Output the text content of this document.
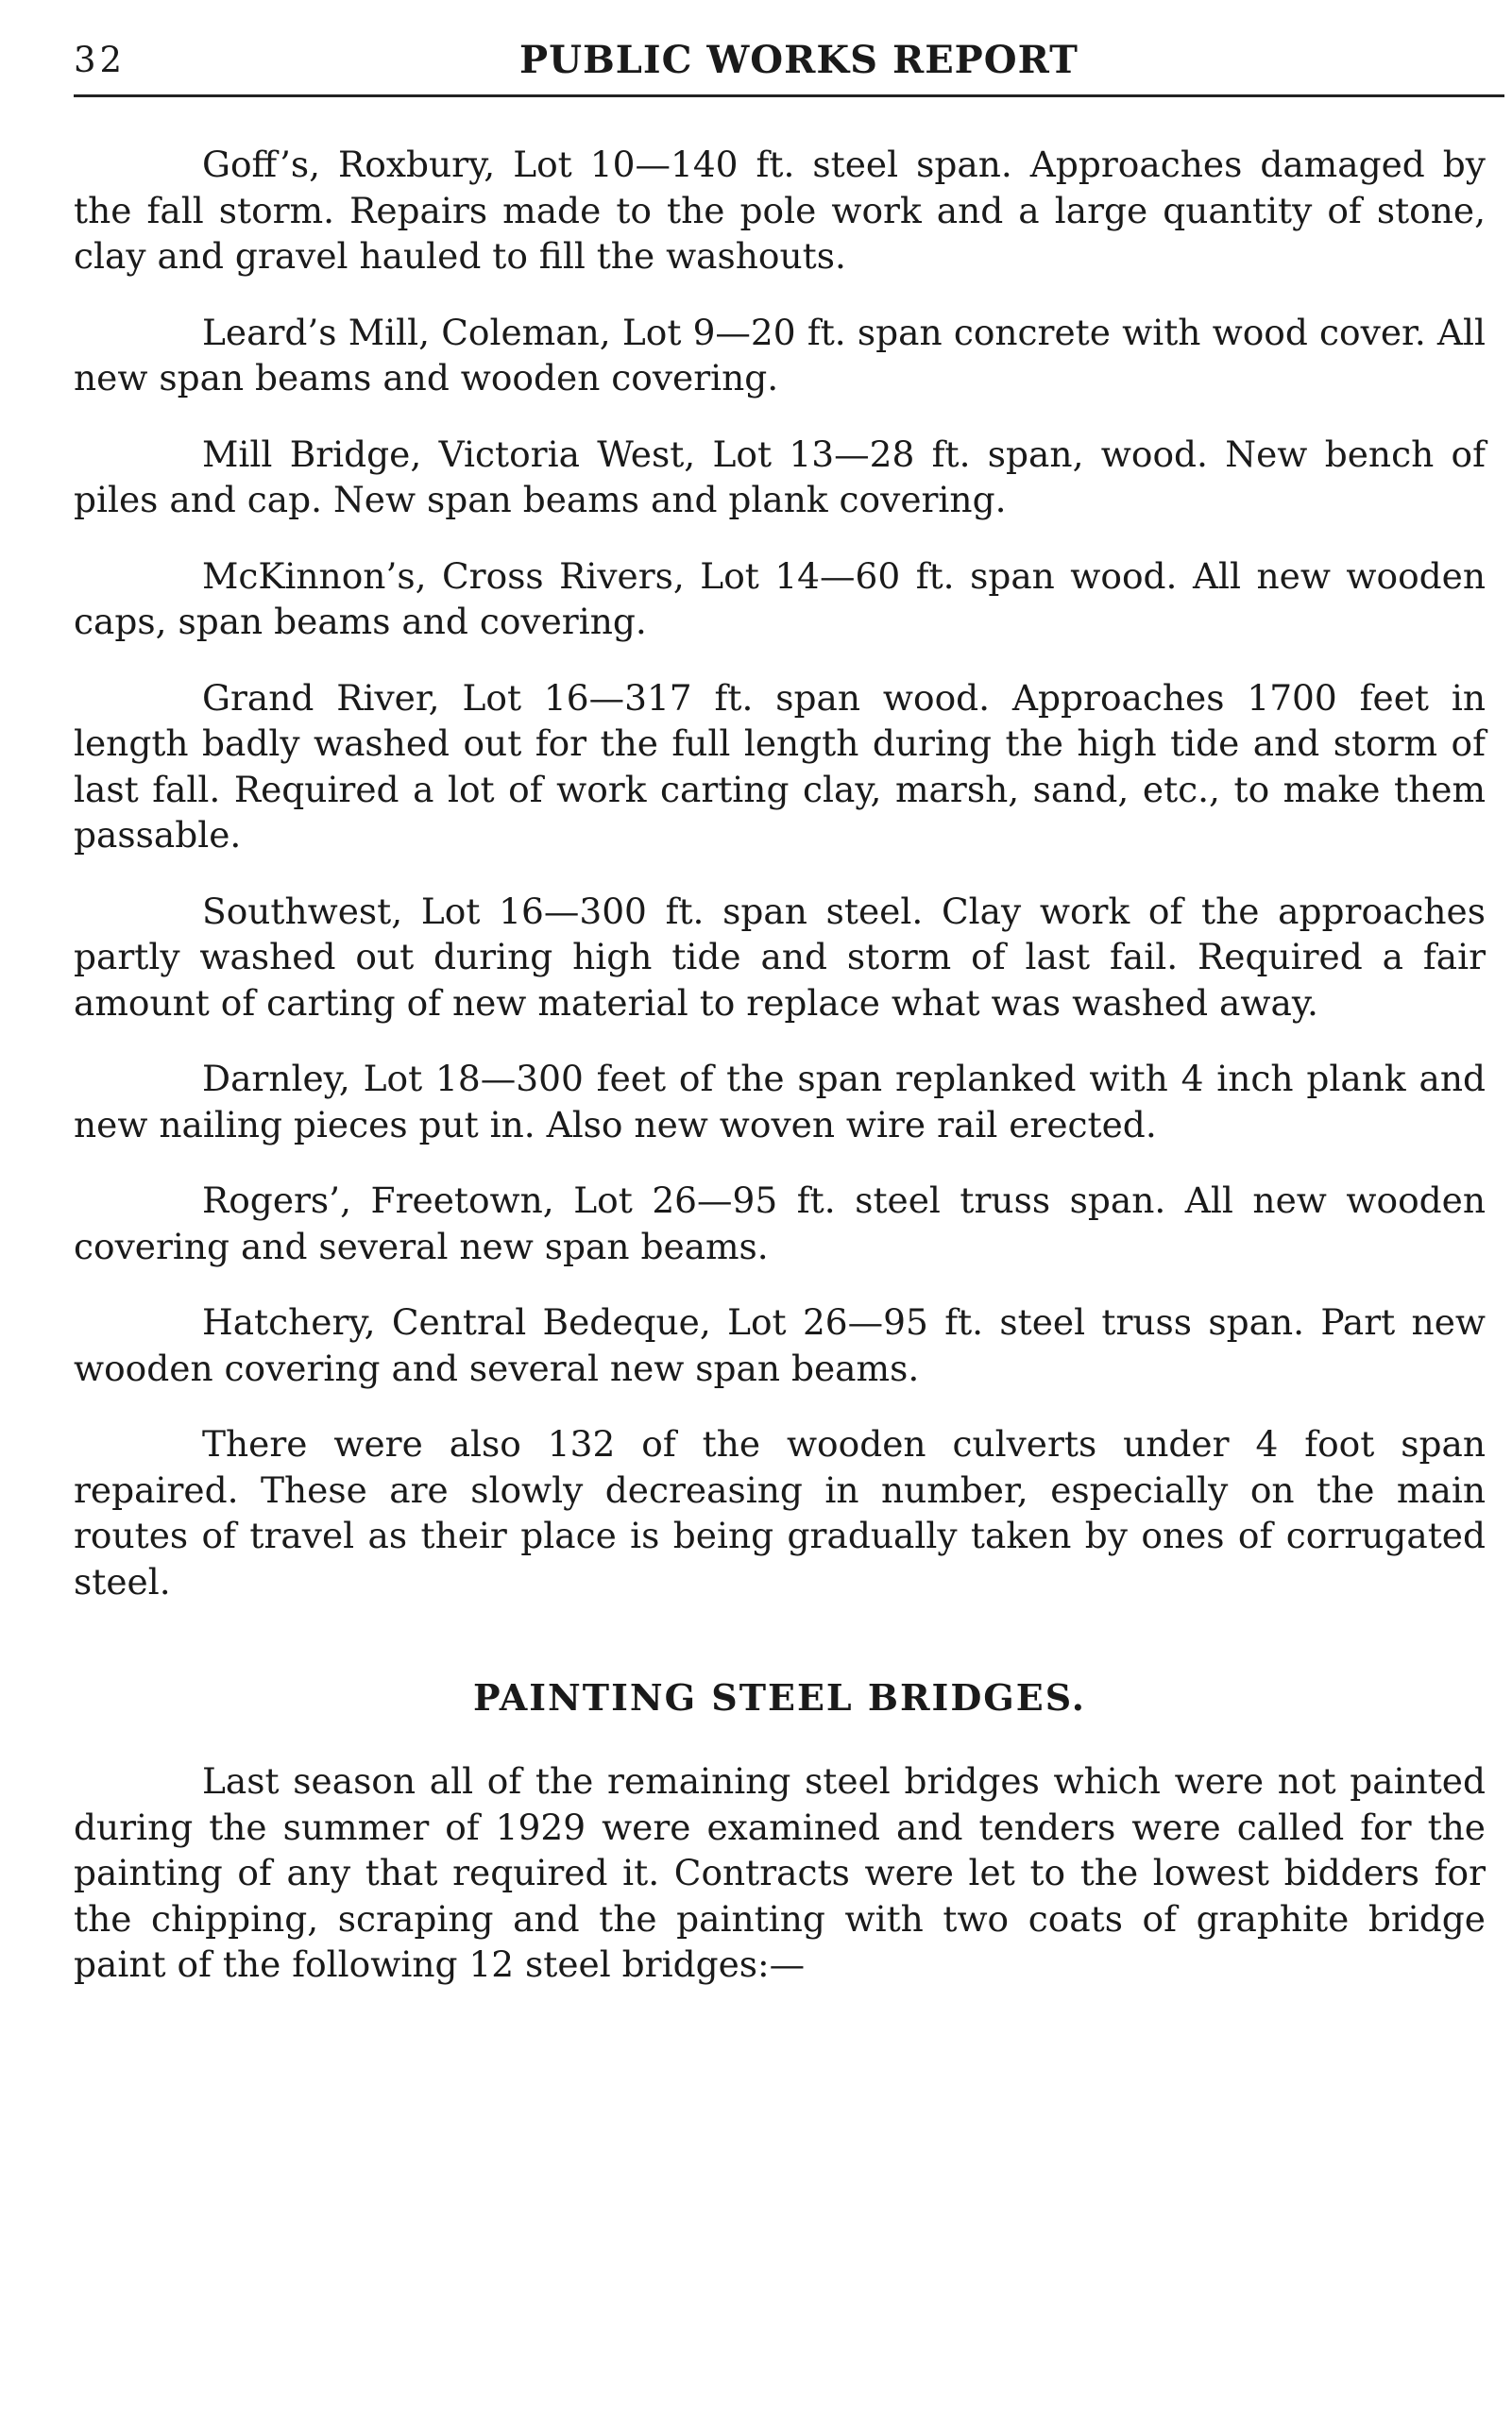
32	PUBLIC WORKS REPORT

Goff’s, Roxbury, Lot 10—140 ft. steel span. Approaches damaged by the fall storm. Repairs made to the pole work and a large quantity of stone, clay and gravel hauled to fill the washouts.

Leard’s Mill, Coleman, Lot 9—20 ft. span concrete with wood cover. All new span beams and wooden covering.

Mill Bridge, Victoria West, Lot 13—28 ft. span, wood. New bench of piles and cap. New span beams and plank covering.

McKinnon’s, Cross Rivers, Lot 14—60 ft. span wood. All new wooden caps, span beams and covering.

Grand River, Lot 16—317 ft. span wood. Approaches 1700 feet in length badly washed out for the full length during the high tide and storm of last fall. Required a lot of work carting clay, marsh, sand, etc., to make them passable.

Southwest, Lot 16—300 ft. span steel. Clay work of the approaches partly washed out during high tide and storm of last fail. Required a fair amount of carting of new material to replace what was washed away.

Darnley, Lot 18—300 feet of the span replanked with 4 inch plank and new nailing pieces put in. Also new woven wire rail erected.

Rogers’, Freetown, Lot 26—95 ft. steel truss span. All new wooden covering and several new span beams.

Hatchery, Central Bedeque, Lot 26—95 ft. steel truss span. Part new wooden covering and several new span beams.

There were also 132 of the wooden culverts under 4 foot span repaired. These are slowly decreasing in number, especially on the main routes of travel as their place is being gradually taken by ones of corrugated steel.

PAINTING STEEL BRIDGES.

Last season all of the remaining steel bridges which were not painted during the summer of 1929 were examined and tenders were called for the painting of any that required it. Contracts were let to the lowest bidders for the chipping, scraping and the painting with two coats of graphite bridge paint of the following 12 steel bridges:—
